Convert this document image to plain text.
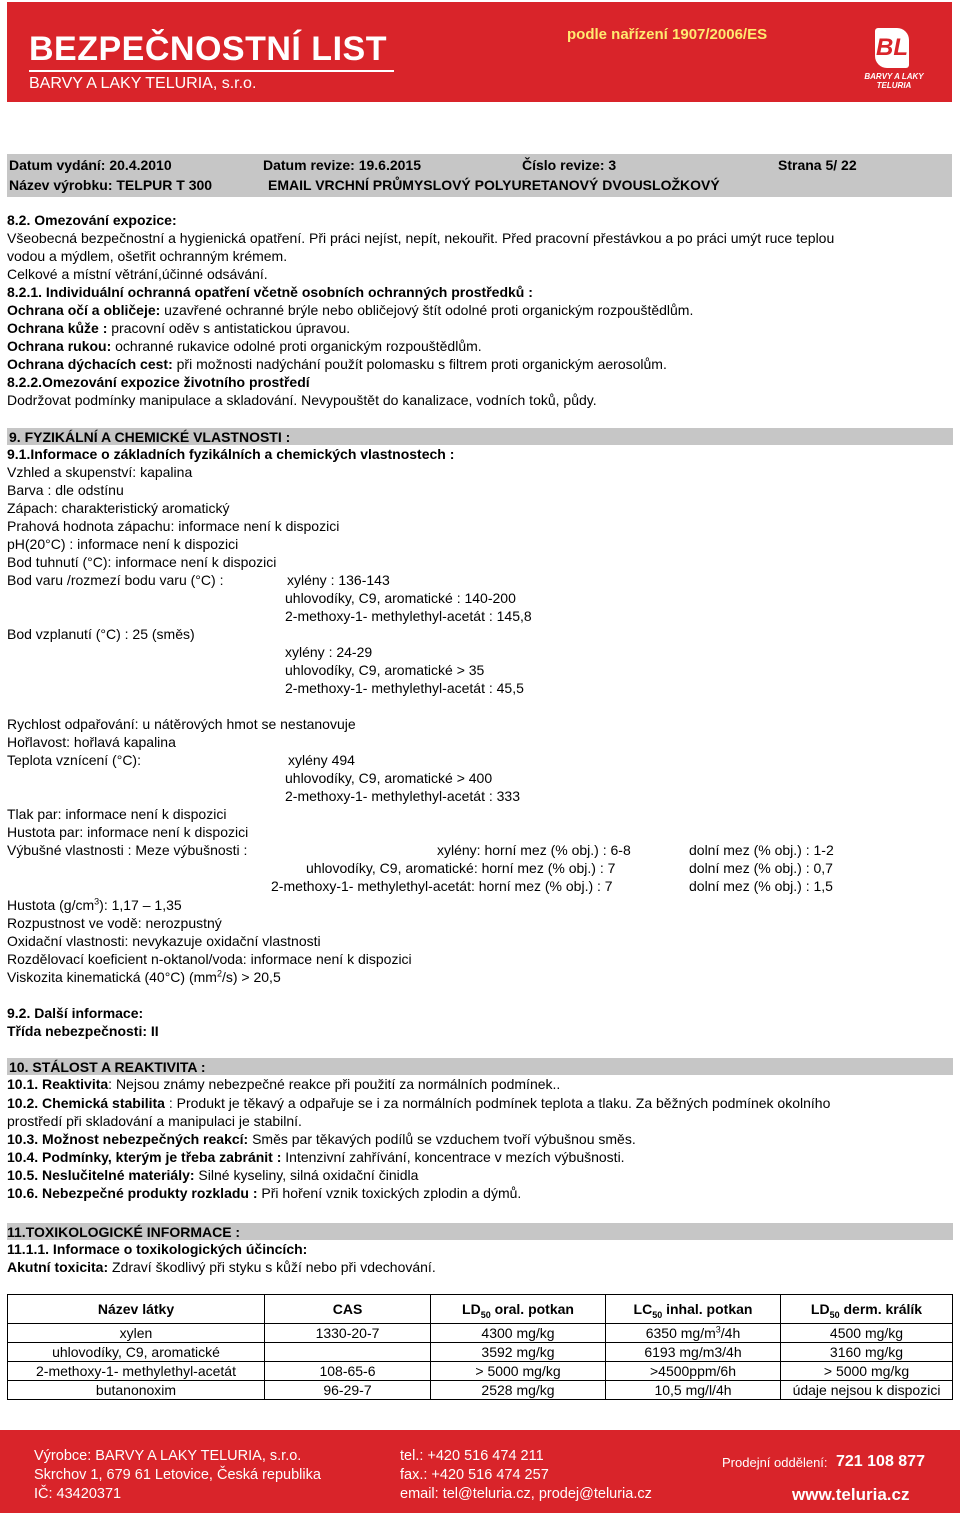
BEZPEČNOSTNÍ LIST
BARVY A LAKY TELURIA, s.r.o.
podle nařízení 1907/2006/ES	BL
BARVY A LAKY
TELURIA
Datum vydání: 20.4.2010	Datum revize: 19.6.2015	Číslo revize: 3	Strana 5/ 22
Název výrobku: TELPUR T 300	EMAIL VRCHNÍ PRŮMYSLOVÝ POLYURETANOVÝ DVOUSLOŽKOVÝ
8.2. Omezování expozice:
Všeobecná bezpečnostní a hygienická opatření. Při práci nejíst, nepít, nekouřit. Před pracovní přestávkou a po práci umýt ruce teplou
vodou a mýdlem, ošetřit ochranným krémem.
Celkové a místní větrání,účinné odsávání.
8.2.1. Individuální ochranná opatření včetně osobních ochranných prostředků :
Ochrana očí a obličeje: uzavřené ochranné brýle nebo obličejový štít odolné proti organickým rozpouštědlům.
Ochrana kůže : pracovní oděv s antistatickou úpravou.
Ochrana rukou: ochranné rukavice odolné proti organickým rozpouštědlům.
Ochrana dýchacích cest: při možnosti nadýchání použít polomasku s filtrem proti organickým aerosolům.
8.2.2.Omezování expozice životního prostředí
Dodržovat podmínky manipulace a skladování. Nevypouštět do kanalizace, vodních toků, půdy.
9. FYZIKÁLNÍ A CHEMICKÉ VLASTNOSTI :
9.1.Informace o základních fyzikálních a chemických vlastnostech :
Vzhled a skupenství: kapalina
Barva : dle odstínu
Zápach: charakteristický aromatický
Prahová hodnota zápachu: informace není k dispozici
pH(20°C) : informace není k dispozici
Bod tuhnutí (°C): informace není k dispozici
Bod varu /rozmezí bodu varu (°C) :	xylény : 136-143
uhlovodíky, C9, aromatické : 140-200
2-methoxy-1- methylethyl-acetát : 145,8
Bod vzplanutí (°C) : 25 (směs)
xylény : 24-29
uhlovodíky, C9, aromatické > 35
2-methoxy-1- methylethyl-acetát : 45,5
Rychlost odpařování: u nátěrových hmot se nestanovuje
Hořlavost: hořlavá kapalina
Teplota vznícení (°C):	xylény 494
uhlovodíky, C9, aromatické > 400
2-methoxy-1- methylethyl-acetát : 333
Tlak par: informace není k dispozici
Hustota par: informace není k dispozici
Výbušné vlastnosti : Meze výbušnosti :	xylény: horní mez (% obj.) : 6-8	dolní mez (% obj.) : 1-2
uhlovodíky, C9, aromatické: horní mez (% obj.) : 7	dolní mez (% obj.) : 0,7
2-methoxy-1- methylethyl-acetát: horní mez (% obj.) : 7	dolní mez (% obj.) : 1,5
Hustota $(g/cm^3)$: 1,17 – 1,35
Rozpustnost ve vodě: nerozpustný
Oxidační vlastnosti: nevykazuje oxidační vlastnosti
Rozdělovací koeficient n-oktanol/voda: informace není k dispozici
Viskozita kinematická (40°C) $(mm^2/s) > 20,5$
9.2. Další informace:
Třída nebezpečnosti: II
10. STÁLOST A REAKTIVITA :
10.1. Reaktivita: Nejsou známy nebezpečné reakce při použití za normálních podmínek..
10.2. Chemická stabilita : Produkt je těkavý a odpařuje se i za normálních podmínek teplota a tlaku. Za běžných podmínek okolního
prostředí při skladování a manipulaci je stabilní.
10.3. Možnost nebezpečných reakcí: Směs par těkavých podílů se vzduchem tvoří výbušnou směs.
10.4. Podmínky, kterým je třeba zabránit : Intenzivní zahřívání, koncentrace v mezích výbušnosti.
10.5. Neslučitelné materiály: Silné kyseliny, silná oxidační činidla
10.6. Nebezpečné produkty rozkladu : Při hoření vznik toxických zplodin a dýmů.
11.TOXIKOLOGICKÉ INFORMACE :
11.1.1. Informace o toxikologických účincích:
Akutní toxicita: Zdraví škodlivý při styku s kůží nebo při vdechování.
Název látky	CAS	$LD_{50}$ oral. potkan	$LC_{50}$ inhal. potkan	$LD_{50}$ derm. králík
xylen	1330-20-7	4300 mg/kg	6350 $mg/m^3/4h$	4500 mg/kg
uhlovodíky, C9, aromatické		3592 mg/kg	6193 mg/m3/4h	3160 mg/kg
2-methoxy-1- methylethyl-acetát	108-65-6	> 5000 mg/kg	>4500ppm/6h	> 5000 mg/kg
butanonoxim	96-29-7	2528 mg/kg	10,5 mg/l/4h	údaje nejsou k dispozici
Výrobce: BARVY A LAKY TELURIA, s.r.o.
Skrchov 1, 679 61 Letovice, Česká republika
IČ: 43420371
tel.: +420 516 474 211
fax.: +420 516 474 257
email: tel@teluria.cz, prodej@teluria.cz
Prodejní oddělení: 721 108 877
www.teluria.cz
